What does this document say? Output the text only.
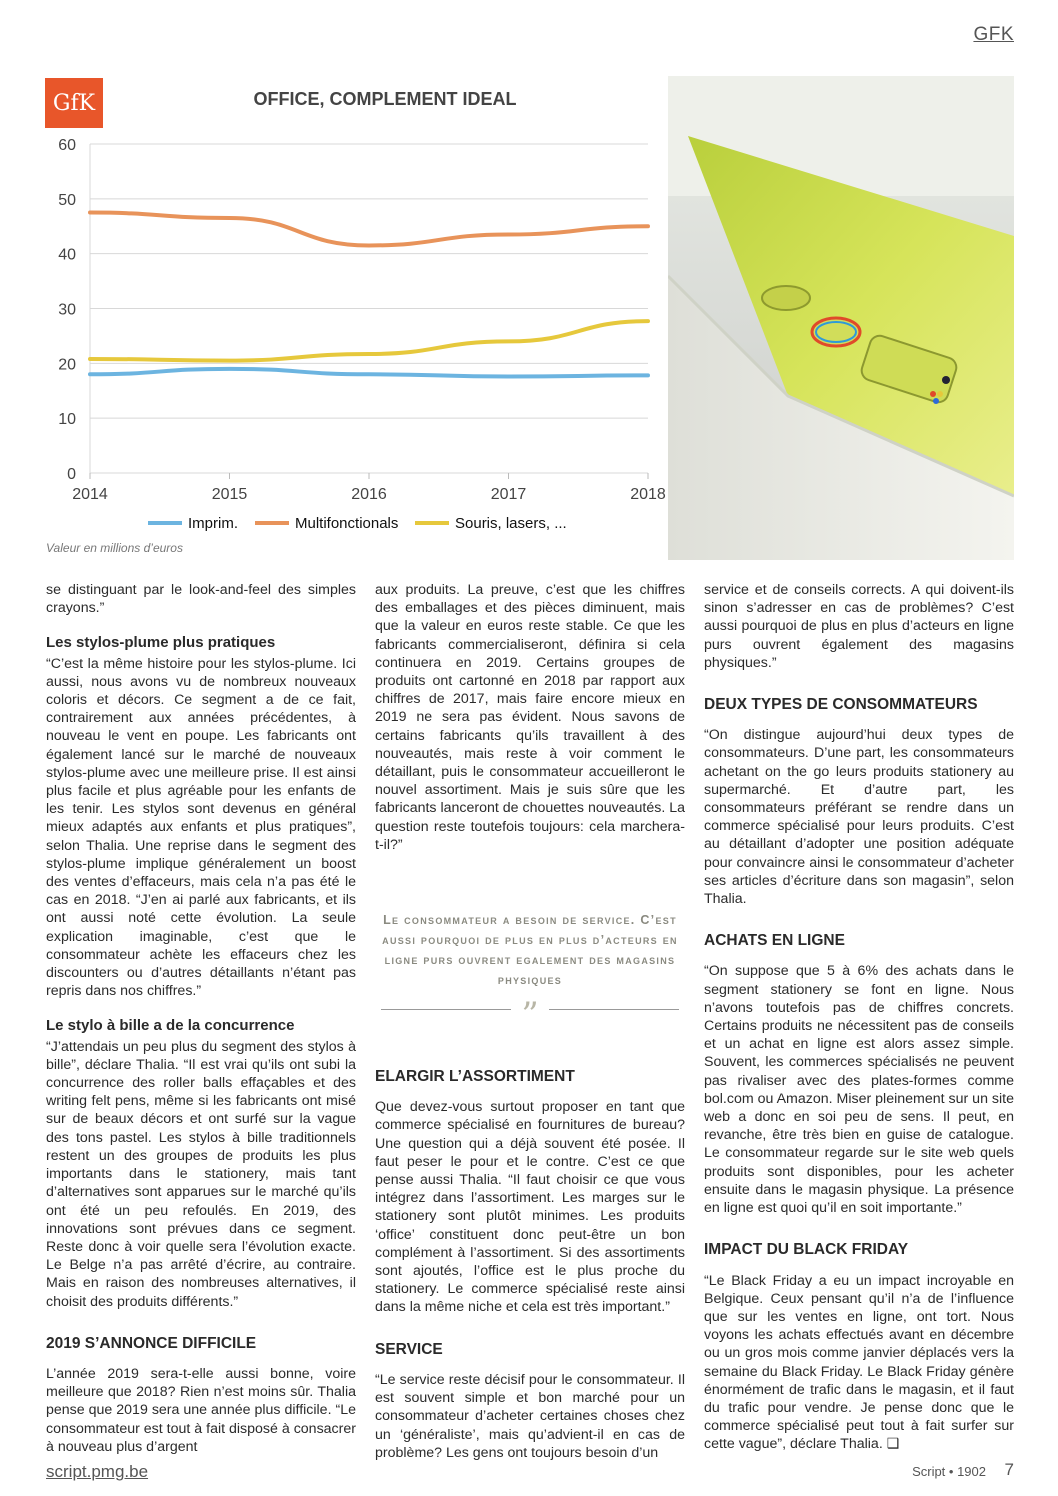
GFK
GfK	OFFICE, COMPLEMENT IDEAL
0
10
20
30
40
50
60
2014	2015	2016	2017	2018
Imprim.	Multifonctionals	Souris, lasers, ...
Valeur en millions d’euros

se distinguant par le look-and-feel des simples crayons.”

Les stylos-plume plus pratiques

“C’est la même histoire pour les stylos-plume. Ici aussi, nous avons vu de nombreux nouveaux coloris et décors. Ce segment a de ce fait, contrairement aux années précédentes, à nouveau le vent en poupe. Les fabricants ont également lancé sur le marché de nouveaux stylos-plume avec une meilleure prise. Il est ainsi plus facile et plus agréable pour les enfants de les tenir. Les stylos sont devenus en général mieux adaptés aux enfants et plus pratiques”, selon Thalia. Une reprise dans le segment des stylos-plume implique généralement un boost des ventes d’effaceurs, mais cela n’a pas été le cas en 2018. “J’en ai parlé aux fabricants, et ils ont aussi noté cette évolution. La seule explication imaginable, c’est que le consommateur achète les effaceurs chez les discounters ou d’autres détaillants n’étant pas repris dans nos chiffres.”

Le stylo à bille a de la concurrence

“J’attendais un peu plus du segment des stylos à bille”, déclare Thalia. “Il est vrai qu’ils ont subi la concurrence des roller balls effaçables et des writing felt pens, même si les fabricants ont misé sur de beaux décors et ont surfé sur la vague des tons pastel. Les stylos à bille traditionnels restent un des groupes de produits les plus importants dans le stationery, mais tant d’alternatives sont apparues sur le marché qu’ils ont été un peu refoulés. En 2019, des innovations sont prévues dans ce segment. Reste donc à voir quelle sera l’évolution exacte. Le Belge n’a pas arrêté d’écrire, au contraire. Mais en raison des nombreuses alternatives, il choisit des produits différents.”

2019 S’ANNONCE DIFFICILE

L’année 2019 sera-t-elle aussi bonne, voire meilleure que 2018? Rien n’est moins sûr. Thalia pense que 2019 sera une année plus difficile. “Le consommateur est tout à fait disposé à consacrer à nouveau plus d’argent

aux produits. La preuve, c’est que les chiffres des emballages et des pièces diminuent, mais que la valeur en euros reste stable. Ce que les fabricants commercialiseront, définira si cela continuera en 2019. Certains groupes de produits ont cartonné en 2018 par rapport aux chiffres de 2017, mais faire encore mieux en 2019 ne sera pas évident. Nous savons de certains fabricants qu’ils travaillent à des nouveautés, mais reste à voir comment le détaillant, puis le consommateur accueilleront le nouvel assortiment. Mais je suis sûre que les fabricants lanceront de chouettes nouveautés. La question reste toutefois toujours: cela marchera-t-il?”

Le consommateur a besoin de service. C’est aussi pourquoi de plus en plus d’acteurs en ligne purs ouvrent egalement des magasins physiques
”
ELARGIR L’ASSORTIMENT

Que devez-vous surtout proposer en tant que commerce spécialisé en fournitures de bureau? Une question qui a déjà souvent été posée. Il faut peser le pour et le contre. C’est ce que pense aussi Thalia. “Il faut choisir ce que vous intégrez dans l’assortiment. Les marges sur le stationery sont plutôt minimes. Les produits ‘office’ constituent donc peut-être un bon complément à l’assortiment. Si des assortiments sont ajoutés, l’office est le plus proche du stationery. Le commerce spécialisé reste ainsi dans la même niche et cela est très important.”

SERVICE

“Le service reste décisif pour le consommateur. Il est souvent simple et bon marché pour un consommateur d’acheter certaines choses chez un ‘généraliste’, mais qu’advient-il en cas de problème? Les gens ont toujours besoin d’un

service et de conseils corrects. A qui doivent-ils sinon s’adresser en cas de problèmes? C’est aussi pourquoi de plus en plus d’acteurs en ligne purs ouvrent également des magasins physiques.”

DEUX TYPES DE CONSOMMATEURS

“On distingue aujourd’hui deux types de consommateurs. D’une part, les consommateurs achetant on the go leurs produits stationery au supermarché. Et d’autre part, les consommateurs préférant se rendre dans un commerce spécialisé pour leurs produits. C’est au détaillant d’adopter une position adéquate pour convaincre ainsi le consommateur d’acheter ses articles d’écriture dans son magasin”, selon Thalia.

ACHATS EN LIGNE

“On suppose que 5 à 6% des achats dans le segment stationery se font en ligne. Nous n’avons toutefois pas de chiffres concrets. Certains produits ne nécessitent pas de conseils et un achat en ligne est alors assez simple. Souvent, les commerces spécialisés ne peuvent pas rivaliser avec des plates-formes comme bol.com ou Amazon. Miser pleinement sur un site web a donc en soi peu de sens. Il peut, en revanche, être très bien en guise de catalogue. Le consommateur regarde sur le site web quels produits sont disponibles, pour les acheter ensuite dans le magasin physique. La présence en ligne est quoi qu’il en soit importante.”

IMPACT DU BLACK FRIDAY

“Le Black Friday a eu un impact incroyable en Belgique. Ceux pensant qu’il n’a de l’influence que sur les ventes en ligne, ont tort. Nous voyons les achats effectués avant en décembre ou un gros mois comme janvier déplacés vers la semaine du Black Friday. Le Black Friday génère énormément de trafic dans le magasin, et il faut du trafic pour vendre. Je pense donc que le commerce spécialisé peut tout à fait surfer sur cette vague”, déclare Thalia. ❑

script.pmg.be	Script • 1902 7
